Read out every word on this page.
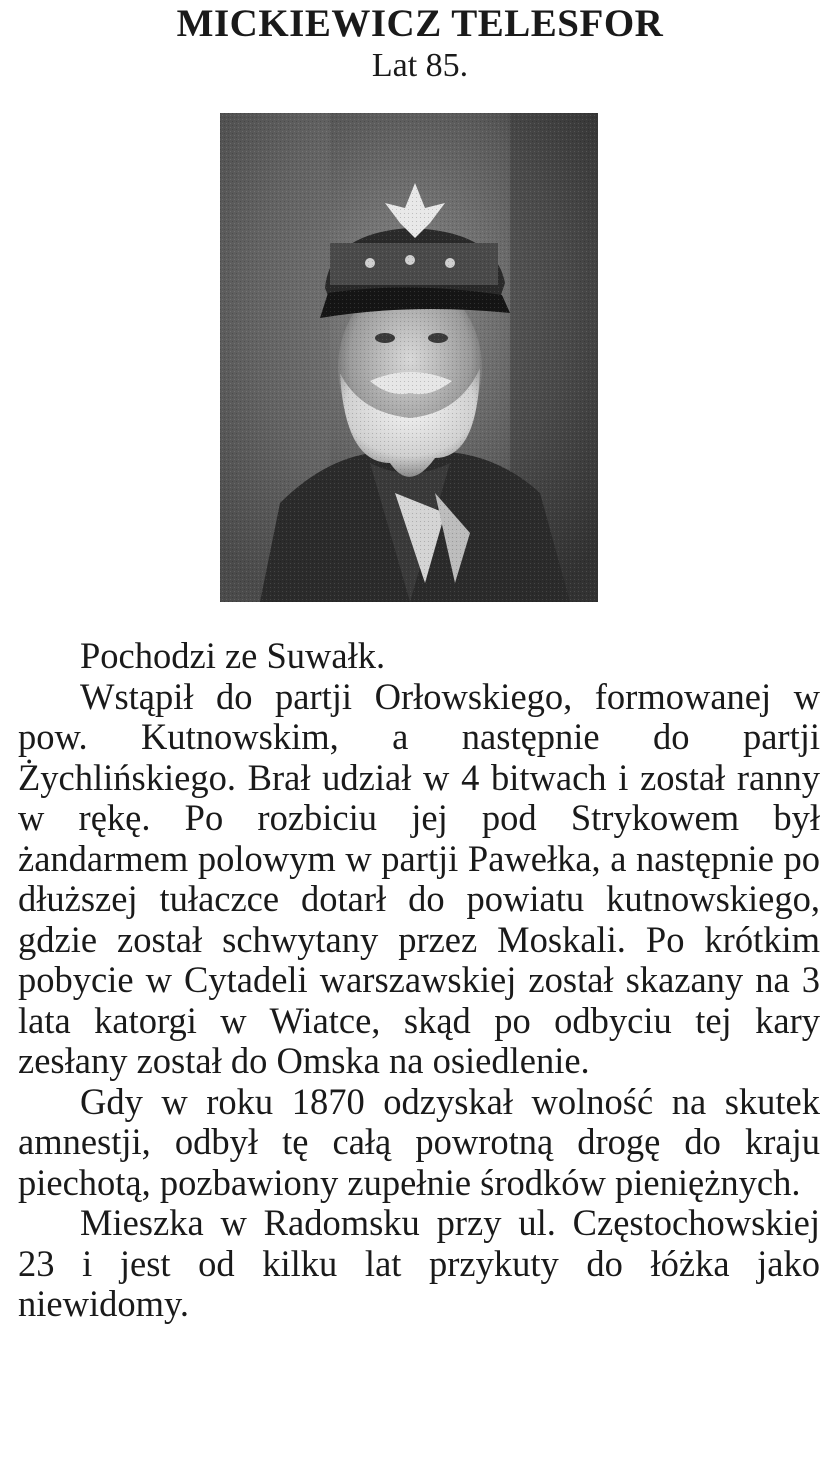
MICKIEWICZ TELESFOR
Lat 85.

Pochodzi ze Suwałk.

Wstąpił do partji Orłowskiego, formowanej w pow. Kutnowskim, a następnie do partji Żychlińskiego. Brał udział w 4 bitwach i został ranny w rękę. Po rozbiciu jej pod Strykowem był żandarmem polowym w partji Pawełka, a następnie po dłuższej tułaczce dotarł do powiatu kutnowskiego, gdzie został schwytany przez Moskali. Po krótkim pobycie w Cytadeli warszawskiej został skazany na 3 lata katorgi w Wiatce, skąd po odbyciu tej kary zesłany został do Omska na osiedlenie.

Gdy w roku 1870 odzyskał wolność na skutek amnestji, odbył tę całą powrotną drogę do kraju piechotą, pozbawiony zupełnie środków pieniężnych.

Mieszka w Radomsku przy ul. Częstochowskiej 23 i jest od kilku lat przykuty do łóżka jako niewidomy.
